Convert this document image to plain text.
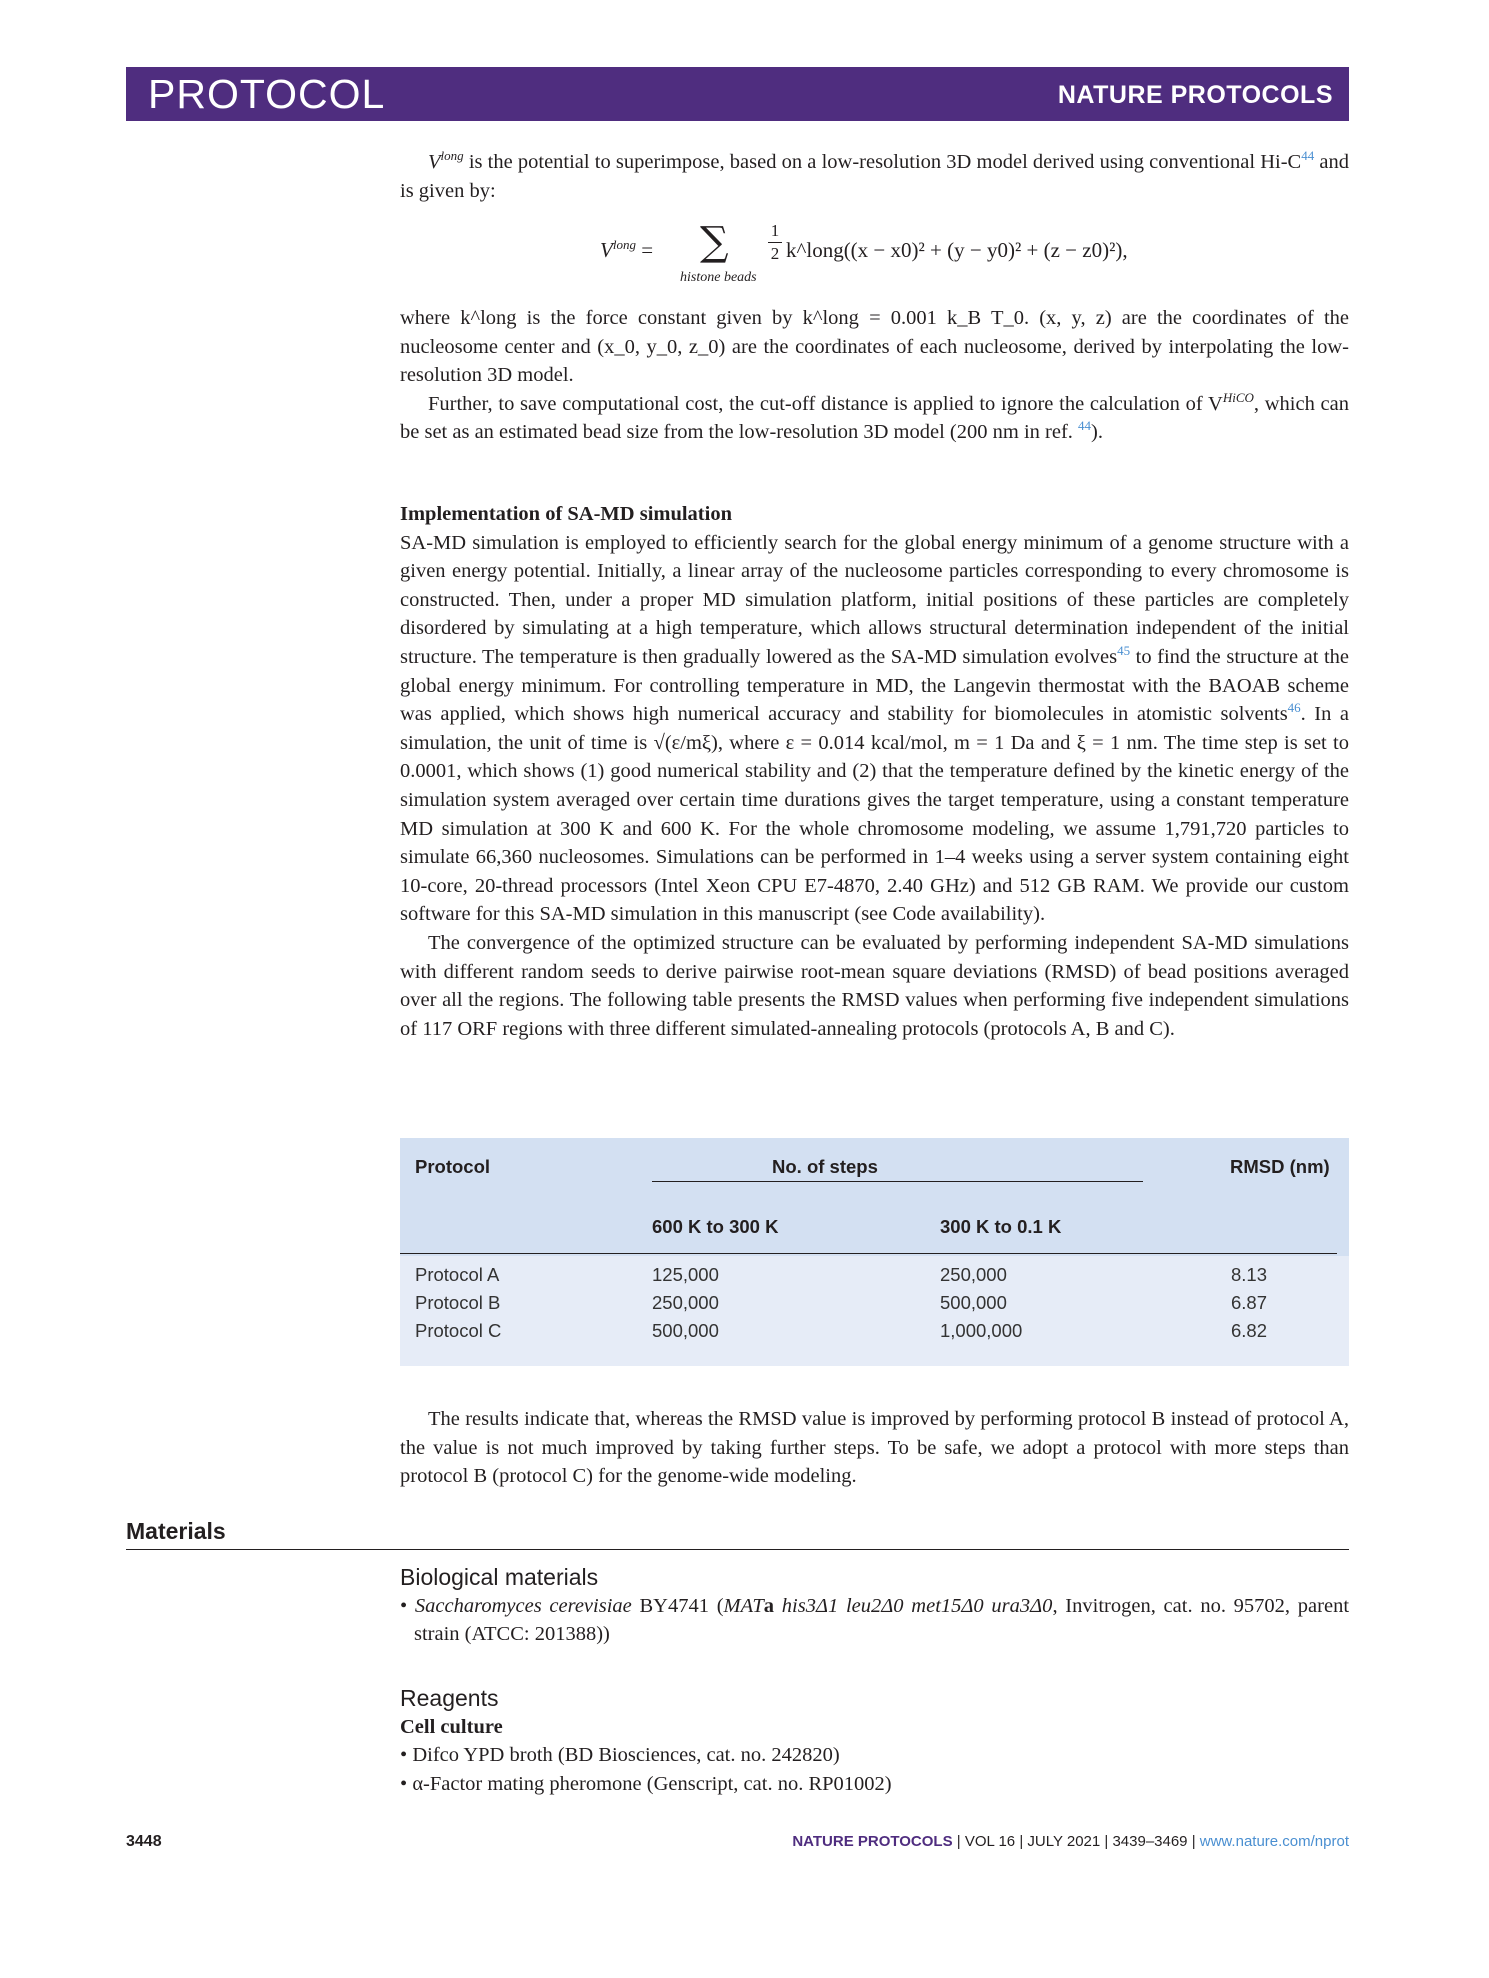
PROTOCOL	NATURE PROTOCOLS

$V^{long}$ is the potential to superimpose, based on a low-resolution 3D model derived using conventional Hi-C$^{44}$ and is given by:

$V^{long}$ = ∑
histone beads
1
2 k^long((x − x0)² + (y − y0)² + (z − z0)²),

where k^long is the force constant given by k^long = 0.001 k_B T_0. (x, y, z) are the coordinates of the nucleosome center and (x_0, y_0, z_0) are the coordinates of each nucleosome, derived by interpolating the low-resolution 3D model.

Further, to save computational cost, the cut-off distance is applied to ignore the calculation of $V^{HiCO}$, which can be set as an estimated bead size from the low-resolution 3D model (200 nm in ref. $^{44}$).

Implementation of SA-MD simulation

SA-MD simulation is employed to efficiently search for the global energy minimum of a genome structure with a given energy potential. Initially, a linear array of the nucleosome particles corresponding to every chromosome is constructed. Then, under a proper MD simulation platform, initial positions of these particles are completely disordered by simulating at a high temperature, which allows structural determination independent of the initial structure. The temperature is then gradually lowered as the SA-MD simulation evolves$^{45}$ to find the structure at the global energy minimum. For controlling temperature in MD, the Langevin thermostat with the BAOAB scheme was applied, which shows high numerical accuracy and stability for biomolecules in atomistic solvents$^{46}$. In a simulation, the unit of time is √(ε/mξ), where ε = 0.014 kcal/mol, m = 1 Da and ξ = 1 nm. The time step is set to 0.0001, which shows (1) good numerical stability and (2) that the temperature defined by the kinetic energy of the simulation system averaged over certain time durations gives the target temperature, using a constant temperature MD simulation at 300 K and 600 K. For the whole chromosome modeling, we assume 1,791,720 particles to simulate 66,360 nucleosomes. Simulations can be performed in 1–4 weeks using a server system containing eight 10-core, 20-thread processors (Intel Xeon CPU E7-4870, 2.40 GHz) and 512 GB RAM. We provide our custom software for this SA-MD simulation in this manuscript (see Code availability).

The convergence of the optimized structure can be evaluated by performing independent SA-MD simulations with different random seeds to derive pairwise root-mean square deviations (RMSD) of bead positions averaged over all the regions. The following table presents the RMSD values when performing five independent simulations of 117 ORF regions with three different simulated-annealing protocols (protocols A, B and C).

Protocol	No. of steps	RMSD (nm)
600 K to 300 K	300 K to 0.1 K
Protocol A	125,000	250,000	8.13
Protocol B	250,000	500,000	6.87
Protocol C	500,000	1,000,000	6.82

The results indicate that, whereas the RMSD value is improved by performing protocol B instead of protocol A, the value is not much improved by taking further steps. To be safe, we adopt a protocol with more steps than protocol B (protocol C) for the genome-wide modeling.

Materials

Biological materials

• Saccharomyces cerevisiae BY4741 (MATa his3Δ1 leu2Δ0 met15Δ0 ura3Δ0, Invitrogen, cat. no. 95702, parent strain (ATCC: 201388))

Reagents

Cell culture

• Difco YPD broth (BD Biosciences, cat. no. 242820)

• α-Factor mating pheromone (Genscript, cat. no. RP01002)

3448	NATURE PROTOCOLS | VOL 16 | JULY 2021 | 3439–3469 | www.nature.com/nprot
